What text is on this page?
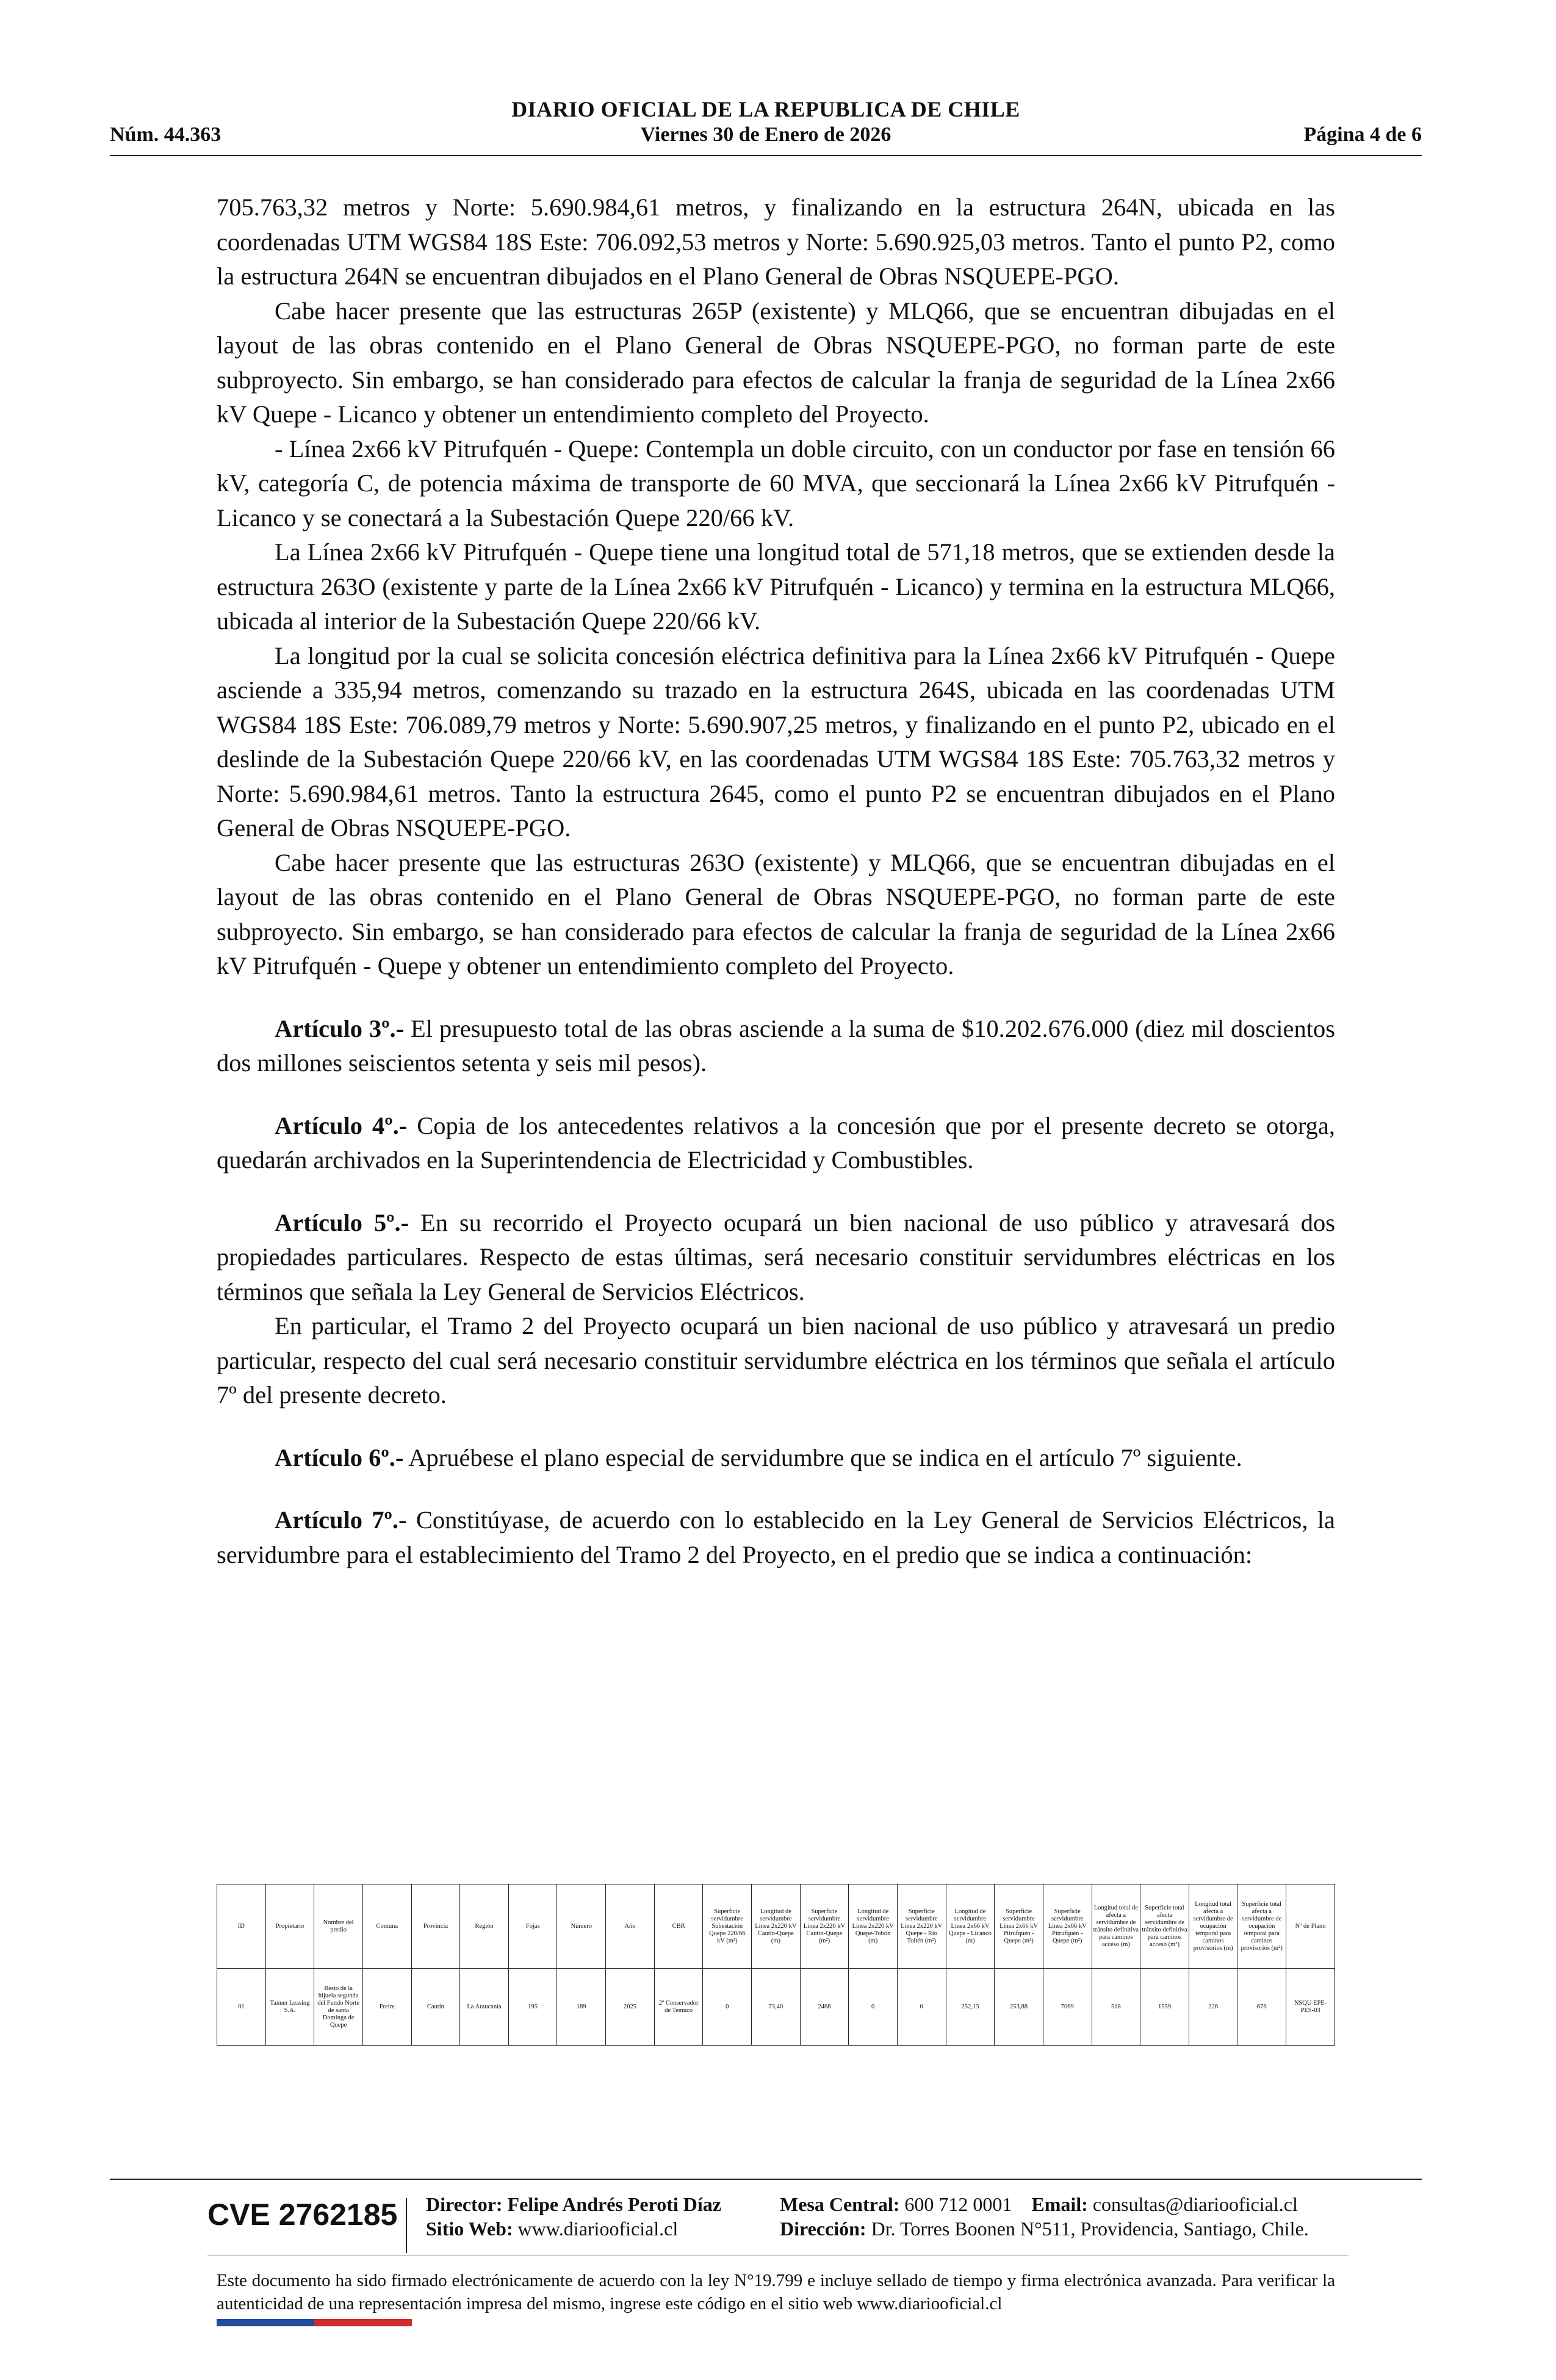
DIARIO OFICIAL DE LA REPUBLICA DE CHILE
Núm. 44.363	Viernes 30 de Enero de 2026	Página 4 de 6

705.763,32 metros y Norte: 5.690.984,61 metros, y finalizando en la estructura 264N, ubicada en las coordenadas UTM WGS84 18S Este: 706.092,53 metros y Norte: 5.690.925,03 metros. Tanto el punto P2, como la estructura 264N se encuentran dibujados en el Plano General de Obras NSQUEPE-PGO.

Cabe hacer presente que las estructuras 265P (existente) y MLQ66, que se encuentran dibujadas en el layout de las obras contenido en el Plano General de Obras NSQUEPE-PGO, no forman parte de este subproyecto. Sin embargo, se han considerado para efectos de calcular la franja de seguridad de la Línea 2x66 kV Quepe - Licanco y obtener un entendimiento completo del Proyecto.

- Línea 2x66 kV Pitrufquén - Quepe: Contempla un doble circuito, con un conductor por fase en tensión 66 kV, categoría C, de potencia máxima de transporte de 60 MVA, que seccionará la Línea 2x66 kV Pitrufquén - Licanco y se conectará a la Subestación Quepe 220/66 kV.

La Línea 2x66 kV Pitrufquén - Quepe tiene una longitud total de 571,18 metros, que se extienden desde la estructura 263O (existente y parte de la Línea 2x66 kV Pitrufquén - Licanco) y termina en la estructura MLQ66, ubicada al interior de la Subestación Quepe 220/66 kV.

La longitud por la cual se solicita concesión eléctrica definitiva para la Línea 2x66 kV Pitrufquén - Quepe asciende a 335,94 metros, comenzando su trazado en la estructura 264S, ubicada en las coordenadas UTM WGS84 18S Este: 706.089,79 metros y Norte: 5.690.907,25 metros, y finalizando en el punto P2, ubicado en el deslinde de la Subestación Quepe 220/66 kV, en las coordenadas UTM WGS84 18S Este: 705.763,32 metros y Norte: 5.690.984,61 metros. Tanto la estructura 2645, como el punto P2 se encuentran dibujados en el Plano General de Obras NSQUEPE-PGO.

Cabe hacer presente que las estructuras 263O (existente) y MLQ66, que se encuentran dibujadas en el layout de las obras contenido en el Plano General de Obras NSQUEPE-PGO, no forman parte de este subproyecto. Sin embargo, se han considerado para efectos de calcular la franja de seguridad de la Línea 2x66 kV Pitrufquén - Quepe y obtener un entendimiento completo del Proyecto.

Artículo 3º.- El presupuesto total de las obras asciende a la suma de $10.202.676.000 (diez mil doscientos dos millones seiscientos setenta y seis mil pesos).

Artículo 4º.- Copia de los antecedentes relativos a la concesión que por el presente decreto se otorga, quedarán archivados en la Superintendencia de Electricidad y Combustibles.

Artículo 5º.- En su recorrido el Proyecto ocupará un bien nacional de uso público y atravesará dos propiedades particulares. Respecto de estas últimas, será necesario constituir servidumbres eléctricas en los términos que señala la Ley General de Servicios Eléctricos.

En particular, el Tramo 2 del Proyecto ocupará un bien nacional de uso público y atravesará un predio particular, respecto del cual será necesario constituir servidumbre eléctrica en los términos que señala el artículo 7º del presente decreto.

Artículo 6º.- Apruébese el plano especial de servidumbre que se indica en el artículo 7º siguiente.

Artículo 7º.- Constitúyase, de acuerdo con lo establecido en la Ley General de Servicios Eléctricos, la servidumbre para el establecimiento del Tramo 2 del Proyecto, en el predio que se indica a continuación:

ID	Propietario	Nombre del predio	Comuna	Provincia	Región	Fojas	Número	Año	CBR	Superficie servidumbre Subestación Quepe 220/66 kV (m²)	Longitud de servidumbre Línea 2x220 kV Cautín-Quepe (m)	Superficie servidumbre Línea 2x220 kV Cautín-Quepe (m²)	Longitud de servidumbre Línea 2x220 kV Quepe-Tobón (m)	Superficie servidumbre Línea 2x220 kV Quepe - Río Toltén (m²)	Longitud de servidumbre Línea 2x66 kV Quepe - Licanco (m)	Superficie servidumbre Línea 2x66 kV Pitrufquén - Quepe (m²)	Superficie servidumbre Línea 2x66 kV Pitrufquén - Quepe (m²)	Longitud total de afecta a servidumbre de tránsito definitiva para caminos acceso (m)	Superficie total afecta servidumbre de tránsito definitiva para caminos acceso (m²)	Longitud total afecta a servidumbre de ocupación temporal para caminos provisorios (m)	Superficie total afecta a servidumbre de ocupación temporal para caminos provisorios (m²)	Nº de Plano
01	Tanner Leasing S.A.	Resto de la hijuela segunda del Fundo Norte de santa Dominga de Quepe	Freire	Cautín	La Araucanía	195	189	2025	2º Conservador de Temuco	0	73,40	2468	0	0	252,13	253,88	7069	518	1559	226	676	NSQU EPE-PES-03
CVE 2762185 Director: Felipe Andrés Peroti Díaz
Sitio Web: www.diariooficial.cl
Mesa Central: 600 712 0001 Email: consultas@diariooficial.cl
Dirección: Dr. Torres Boonen N°511, Providencia, Santiago, Chile.
Este documento ha sido firmado electrónicamente de acuerdo con la ley N°19.799 e incluye sellado de tiempo y firma electrónica avanzada. Para verificar la autenticidad de una representación impresa del mismo, ingrese este código en el sitio web www.diariooficial.cl
